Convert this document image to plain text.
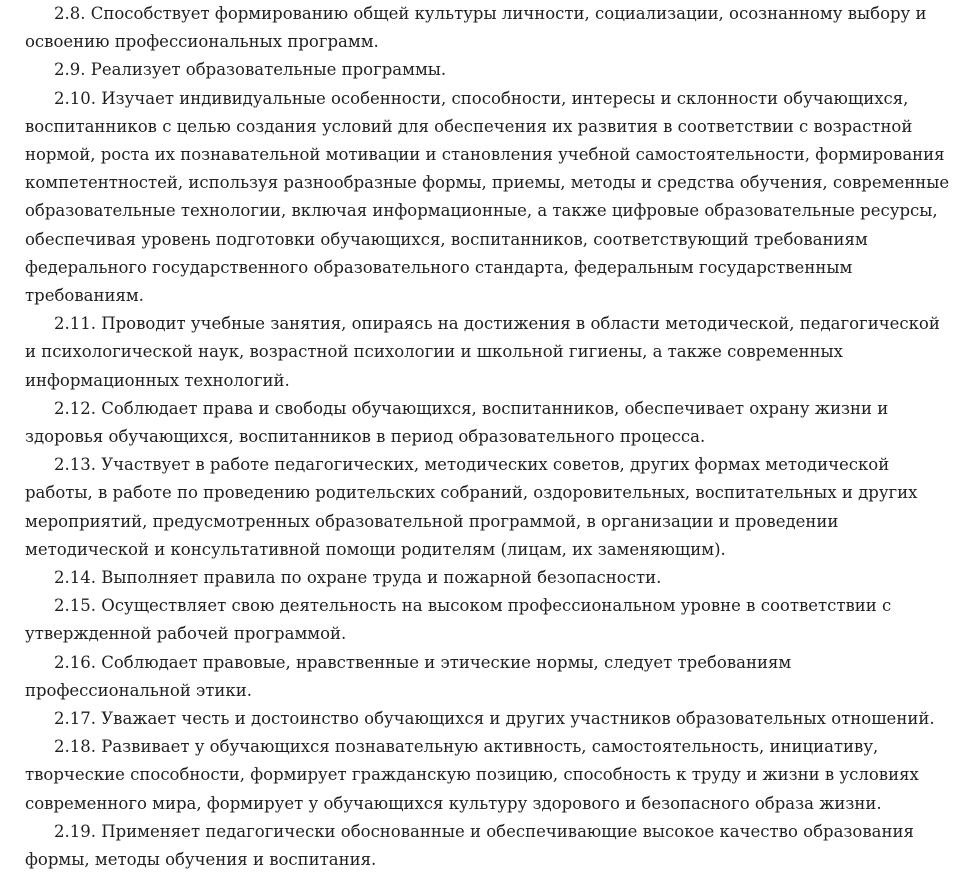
2.8. Способствует формированию общей культуры личности, социализации, осознанному выбору и освоению профессиональных программ.

2.9. Реализует образовательные программы.

2.10. Изучает индивидуальные особенности, способности, интересы и склонности обучающихся, воспитанников с целью создания условий для обеспечения их развития в соответствии с возрастной нормой, роста их познавательной мотивации и становления учебной самостоятельности, формирования компетентностей, используя разнообразные формы, приемы, методы и средства обучения, современные образовательные технологии, включая информационные, а также цифровые образовательные ресурсы, обеспечивая уровень подготовки обучающихся, воспитанников, соответствующий требованиям федерального государственного образовательного стандарта, федеральным государственным требованиям.

2.11. Проводит учебные занятия, опираясь на достижения в области методической, педагогической и психологической наук, возрастной психологии и школьной гигиены, а также современных информационных технологий.

2.12. Соблюдает права и свободы обучающихся, воспитанников, обеспечивает охрану жизни и здоровья обучающихся, воспитанников в период образовательного процесса.

2.13. Участвует в работе педагогических, методических советов, других формах методической работы, в работе по проведению родительских собраний, оздоровительных, воспитательных и других мероприятий, предусмотренных образовательной программой, в организации и проведении методической и консультативной помощи родителям (лицам, их заменяющим).

2.14. Выполняет правила по охране труда и пожарной безопасности.

2.15. Осуществляет свою деятельность на высоком профессиональном уровне в соответствии с утвержденной рабочей программой.

2.16. Соблюдает правовые, нравственные и этические нормы, следует требованиям профессиональной этики.

2.17. Уважает честь и достоинство обучающихся и других участников образовательных отношений.

2.18. Развивает у обучающихся познавательную активность, самостоятельность, инициативу, творческие способности, формирует гражданскую позицию, способность к труду и жизни в условиях современного мира, формирует у обучающихся культуру здорового и безопасного образа жизни.

2.19. Применяет педагогически обоснованные и обеспечивающие высокое качество образования формы, методы обучения и воспитания.
